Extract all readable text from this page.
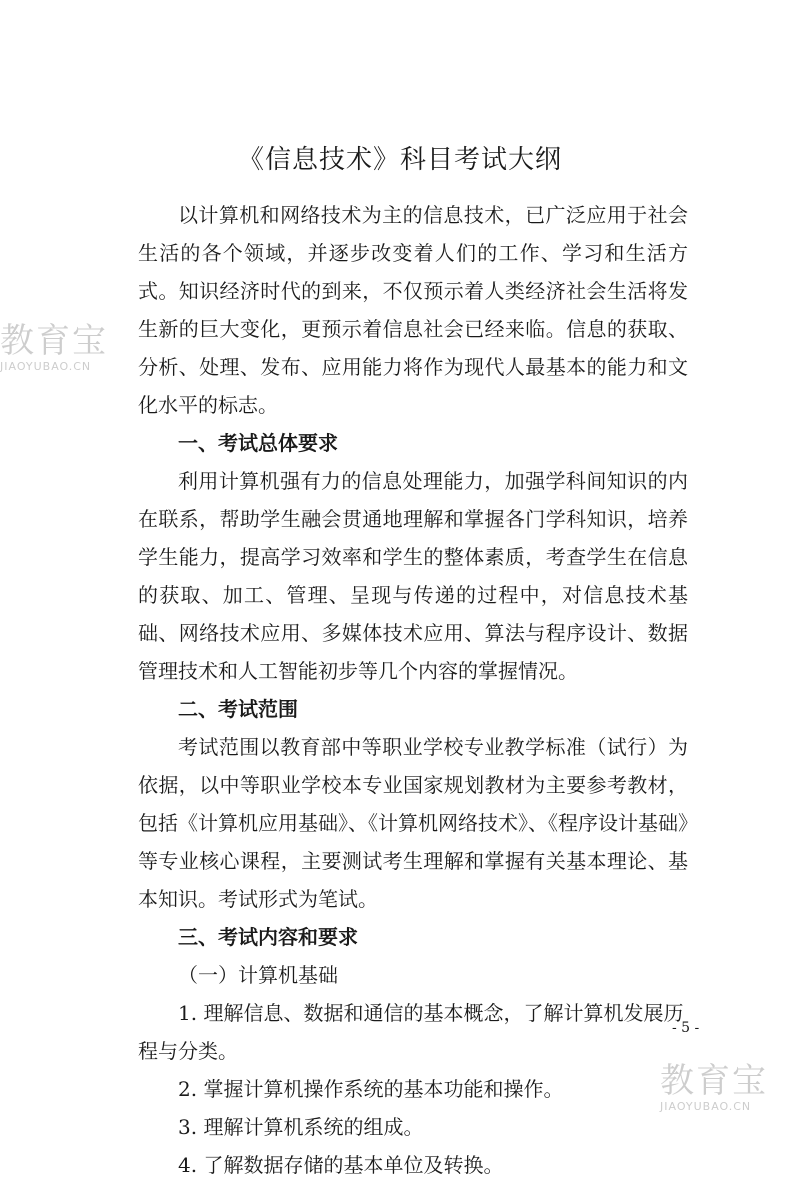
《信息技术》科目考试大纲

以计算机和网络技术为主的信息技术，已广泛应用于社会生活的各个领域，并逐步改变着人们的工作、学习和生活方式。知识经济时代的到来，不仅预示着人类经济社会生活将发生新的巨大变化，更预示着信息社会已经来临。信息的获取、分析、处理、发布、应用能力将作为现代人最基本的能力和文化水平的标志。

一、考试总体要求

利用计算机强有力的信息处理能力，加强学科间知识的内在联系，帮助学生融会贯通地理解和掌握各门学科知识，培养学生能力，提高学习效率和学生的整体素质，考查学生在信息的获取、加工、管理、呈现与传递的过程中，对信息技术基础、网络技术应用、多媒体技术应用、算法与程序设计、数据管理技术和人工智能初步等几个内容的掌握情况。

二、考试范围

考试范围以教育部中等职业学校专业教学标准（试行）为依据，以中等职业学校本专业国家规划教材为主要参考教材，包括《计算机应用基础》、《计算机网络技术》、《程序设计基础》等专业核心课程，主要测试考生理解和掌握有关基本理论、基本知识。考试形式为笔试。

三、考试内容和要求

（一）计算机基础

1. 理解信息、数据和通信的基本概念，了解计算机发展历程与分类。

2. 掌握计算机操作系统的基本功能和操作。

3. 理解计算机系统的组成。

4. 了解数据存储的基本单位及转换。

- 5 -
教育宝
JIAOYUBAO.CN
教育宝
JIAOYUBAO.CN
